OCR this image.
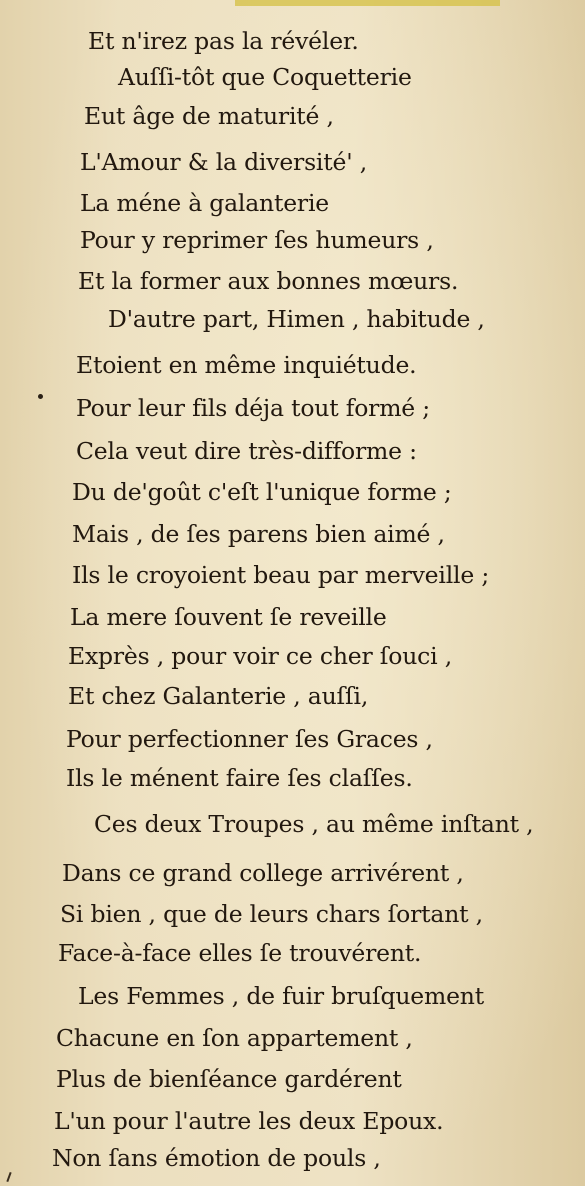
Et n'irez pas la révéler.
Auſſi-tôt que Coquetterie
Eut âge de maturité ,
L'Amour & la diversité' ,
La méne à galanterie
Pour y reprimer ſes humeurs ,
Et la former aux bonnes mœurs.
D'autre part, Himen , habitude ,
Etoient en même inquiétude.
Pour leur fils déja tout formé ;
Cela veut dire très-difforme :
Du de'goût c'eſt l'unique forme ;
Mais , de ſes parens bien aimé ,
Ils le croyoient beau par merveille ;
La mere ſouvent ſe reveille
Exprès , pour voir ce cher ſouci ,
Et chez Galanterie , auſſi,
Pour perfectionner ſes Graces ,
Ils le ménent faire ſes claſſes.
Ces deux Troupes , au même inſtant ,
Dans ce grand college arrivérent ,
Si bien , que de leurs chars ſortant ,
Face-à-face elles ſe trouvérent.
Les Femmes , de fuir bruſquement
Chacune en ſon appartement ,
Plus de bienſéance gardérent
L'un pour l'autre les deux Epoux.
Non ſans émotion de pouls ,
